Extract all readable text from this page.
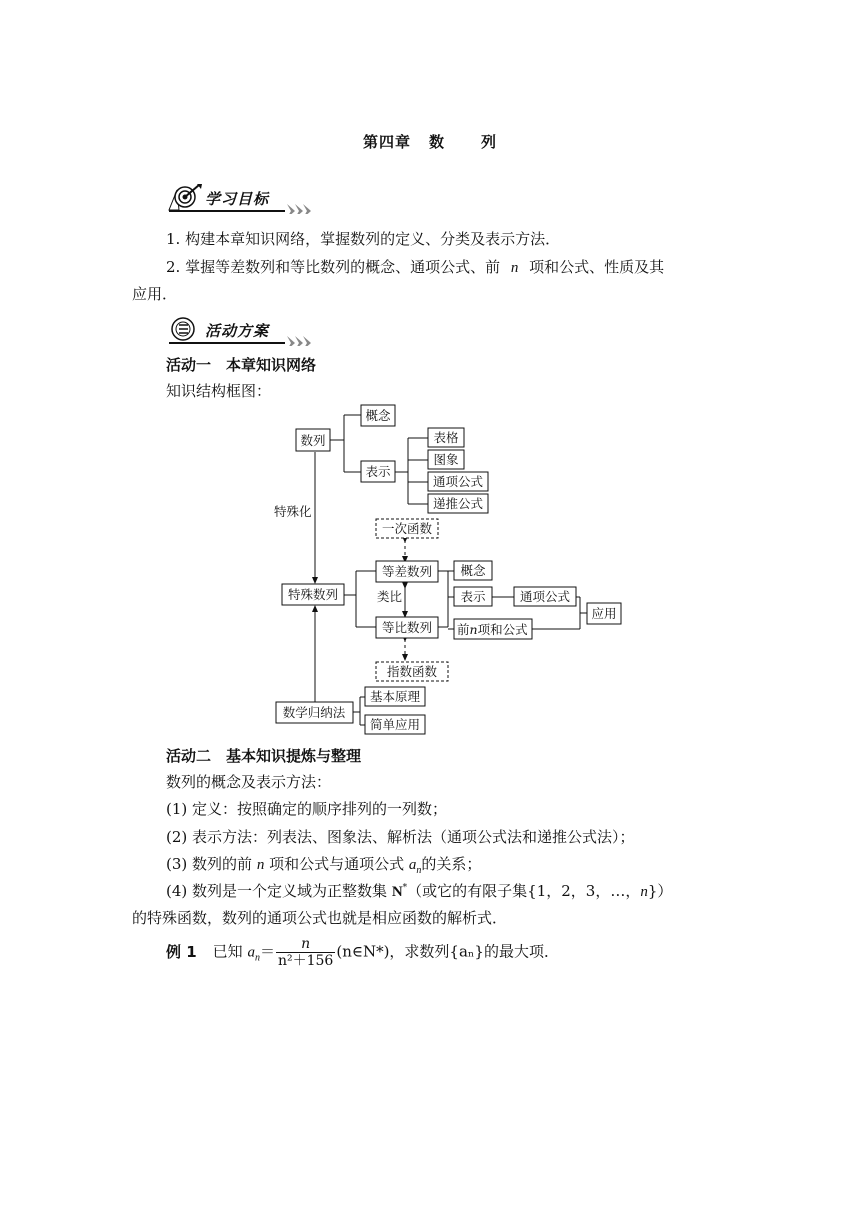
第四章 数 列
学习目标
1. 构建本章知识网络，掌握数列的定义、分类及表示方法．
2. 掌握等差数列和等比数列的概念、通项公式、前 n 项和公式、性质及其
应用．
活动方案
活动一　本章知识网络
知识结构框图：
数列
概念
表示
表格
图象
通项公式
递推公式
特殊化
一次函数
特殊数列
等差数列
类比
等比数列
概念
表示	通项公式
前n项和公式
应用
指数函数
数学归纳法
基本原理
简单应用
活动二　基本知识提炼与整理
数列的概念及表示方法：
(1) 定义：按照确定的顺序排列的一列数；
(2) 表示方法：列表法、图象法、解析法（通项公式法和递推公式法）；
(3) 数列的前 n 项和公式与通项公式 $a_n$的关系；
(4) 数列是一个定义域为正整数集 N*（或它的有限子集{1，2，3，…，n}）
的特殊函数，数列的通项公式也就是相应函数的解析式．
例 1 已知 $a_n= \frac{n}{\text{n²＋156}}$ (n∈N*)，求数列{aₙ}的最大项．
